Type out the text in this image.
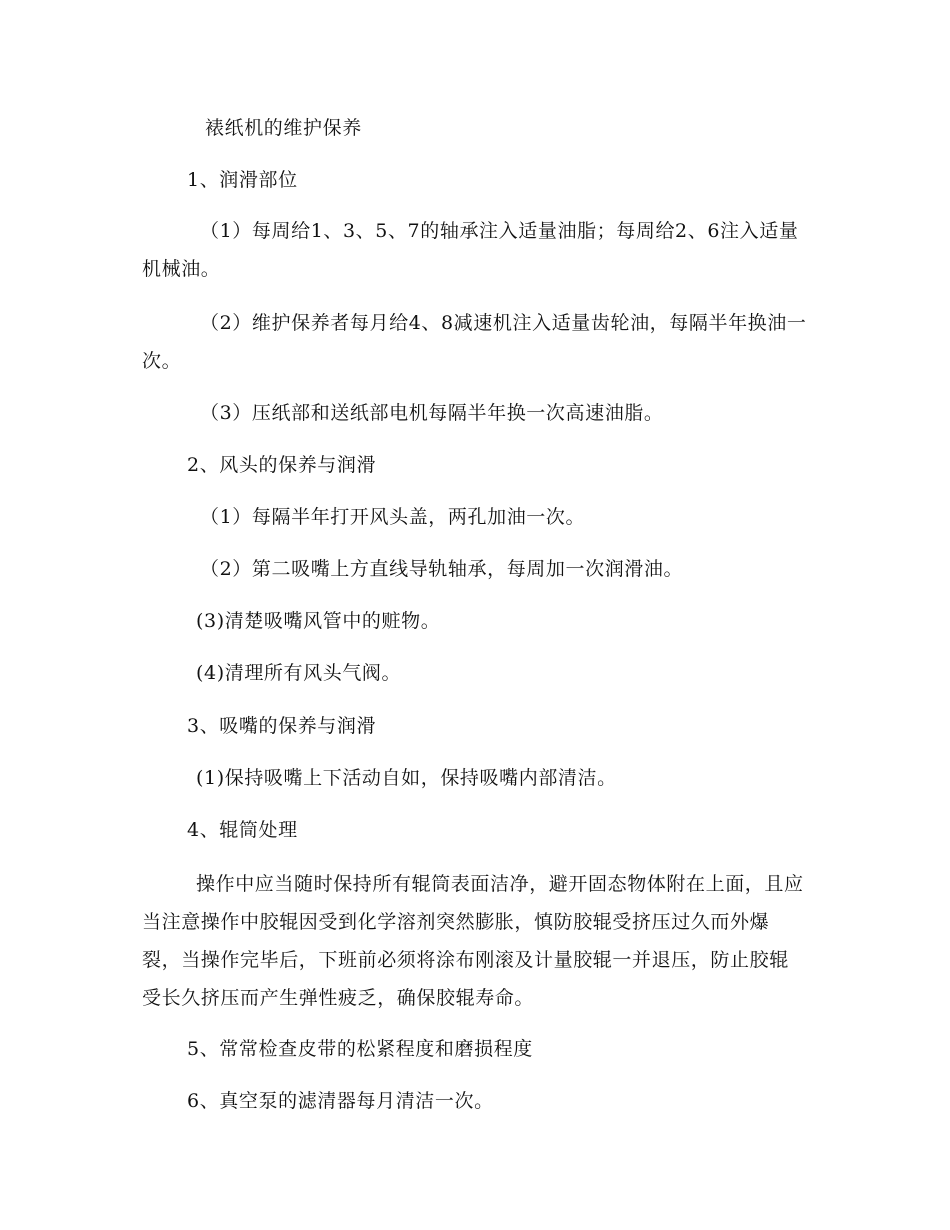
裱纸机的维护保养

1、润滑部位

（1）每周给1、3、5、7的轴承注入适量油脂；每周给2、6注入适量机械油。

（2）维护保养者每月给4、8减速机注入适量齿轮油，每隔半年换油一次。

（3）压纸部和送纸部电机每隔半年换一次高速油脂。

2、风头的保养与润滑

（1）每隔半年打开风头盖，两孔加油一次。

（2）第二吸嘴上方直线导轨轴承，每周加一次润滑油。

(3)清楚吸嘴风管中的赃物。

(4)清理所有风头气阀。

3、吸嘴的保养与润滑

(1)保持吸嘴上下活动自如，保持吸嘴内部清洁。

4、辊筒处理

操作中应当随时保持所有辊筒表面洁净，避开固态物体附在上面，且应当注意操作中胶辊因受到化学溶剂突然膨胀，慎防胶辊受挤压过久而外爆裂，当操作完毕后，下班前必须将涂布刚滚及计量胶辊一并退压，防止胶辊受长久挤压而产生弹性疲乏，确保胶辊寿命。

5、常常检查皮带的松紧程度和磨损程度

6、真空泵的滤清器每月清洁一次。
